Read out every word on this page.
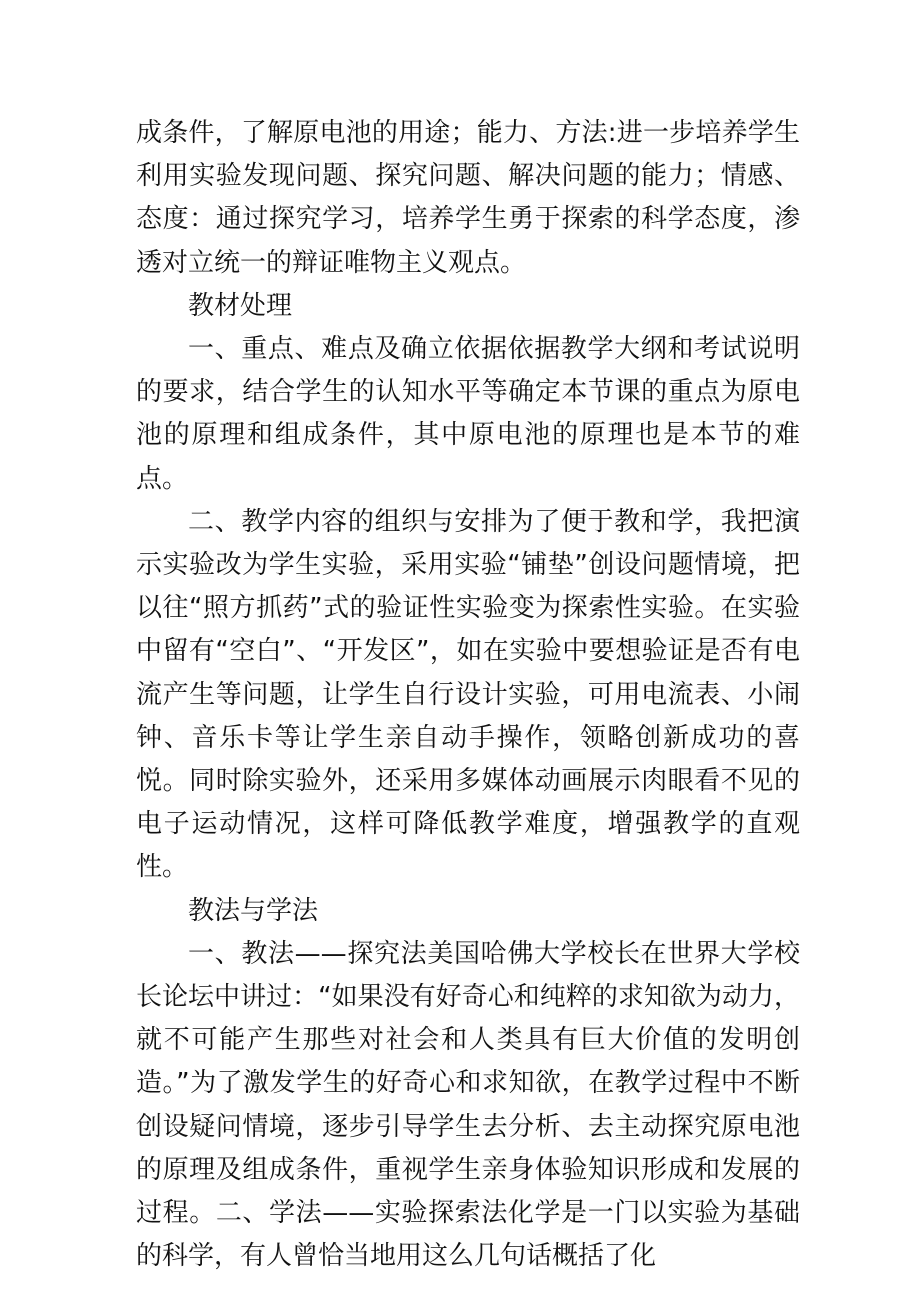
成条件，了解原电池的用途；能力、方法:进一步培养学生利用实验发现问题、探究问题、解决问题的能力；情感、态度：通过探究学习，培养学生勇于探索的科学态度，渗透对立统一的辩证唯物主义观点。

教材处理

一、重点、难点及确立依据依据教学大纲和考试说明的要求，结合学生的认知水平等确定本节课的重点为原电池的原理和组成条件，其中原电池的原理也是本节的难点。

二、教学内容的组织与安排为了便于教和学，我把演示实验改为学生实验，采用实验“铺垫”创设问题情境，把以往“照方抓药”式的验证性实验变为探索性实验。在实验中留有“空白”、“开发区”，如在实验中要想验证是否有电流产生等问题，让学生自行设计实验，可用电流表、小闹钟、音乐卡等让学生亲自动手操作，领略创新成功的喜悦。同时除实验外，还采用多媒体动画展示肉眼看不见的电子运动情况，这样可降低教学难度，增强教学的直观性。

教法与学法

一、教法——探究法美国哈佛大学校长在世界大学校长论坛中讲过：“如果没有好奇心和纯粹的求知欲为动力，就不可能产生那些对社会和人类具有巨大价值的发明创造。”为了激发学生的好奇心和求知欲，在教学过程中不断创设疑问情境，逐步引导学生去分析、去主动探究原电池的原理及组成条件，重视学生亲身体验知识形成和发展的过程。二、学法——实验探索法化学是一门以实验为基础的科学，有人曾恰当地用这么几句话概括了化
